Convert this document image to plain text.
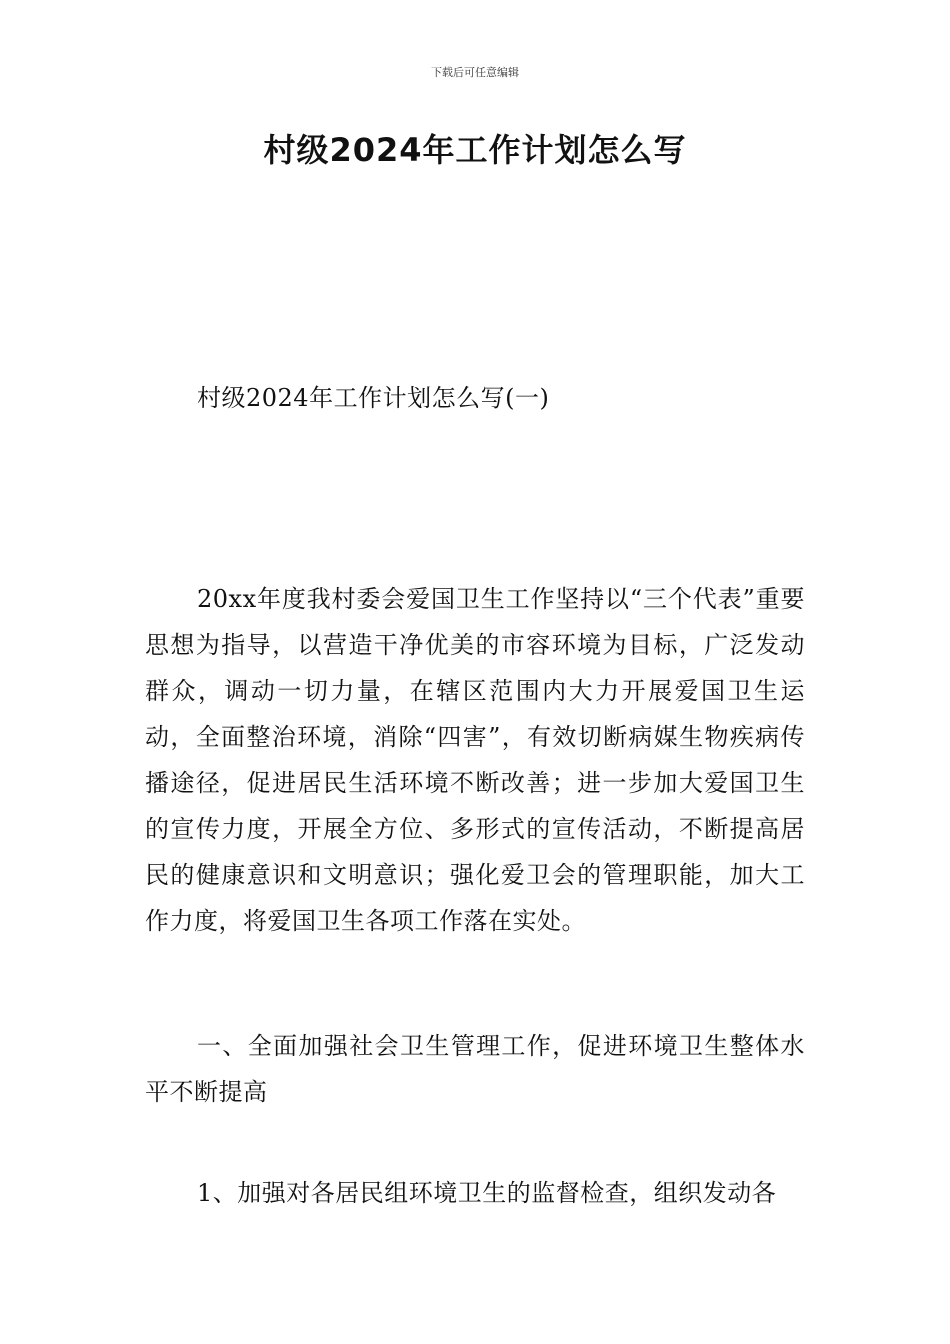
下载后可任意编辑
村级2024年工作计划怎么写

村级2024年工作计划怎么写(一)

20xx年度我村委会爱国卫生工作坚持以“三个代表”重要思想为指导，以营造干净优美的市容环境为目标，广泛发动群众，调动一切力量，在辖区范围内大力开展爱国卫生运动，全面整治环境，消除“四害”，有效切断病媒生物疾病传播途径，促进居民生活环境不断改善；进一步加大爱国卫生的宣传力度，开展全方位、多形式的宣传活动，不断提高居民的健康意识和文明意识；强化爱卫会的管理职能，加大工作力度，将爱国卫生各项工作落在实处。

一、全面加强社会卫生管理工作，促进环境卫生整体水平不断提高

1、加强对各居民组环境卫生的监督检查，组织发动各
